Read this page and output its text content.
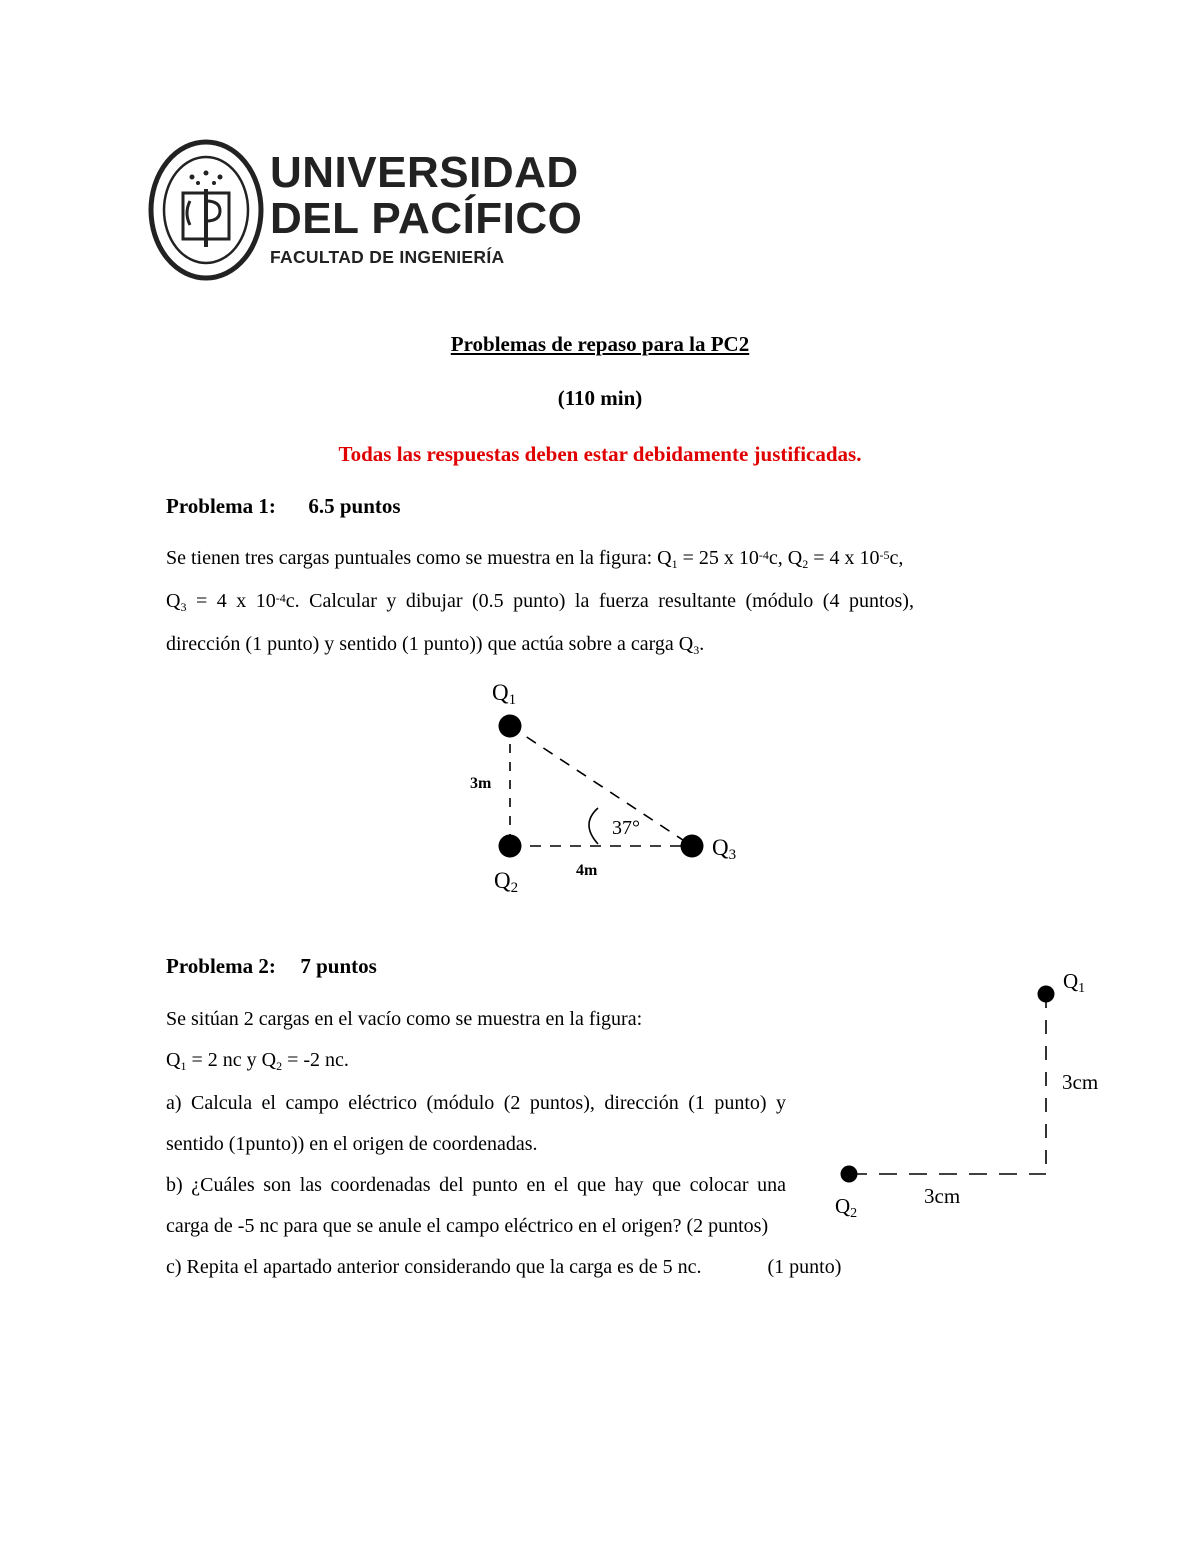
UNIVERSIDAD
DEL PACÍFICO
FACULTAD DE INGENIERÍA
Problemas de repaso para la PC2
(110 min)
Todas las respuestas deben estar debidamente justificadas.
Problema 1: 6.5 puntos
Se tienen tres cargas puntuales como se muestra en la figura: $Q_1 = 25$ x $10^{-4}c$, $Q_2 = 4$ x $10^{-5}c$,
$Q_3 = 4$ x $10^{-4}c$. Calcular y dibujar (0.5 punto) la fuerza resultante (módulo (4 puntos),
dirección (1 punto) y sentido (1 punto)) que actúa sobre a carga $Q_3$.
Q1
Q2
Q3
3m
4m
37°
Problema 2: 7 puntos
Se sitúan 2 cargas en el vacío como se muestra en la figura:
$Q_1 = 2$ nc y $Q_2 = -2$ nc.
a) Calcula el campo eléctrico (módulo (2 puntos), dirección (1 punto) y sentido (1punto)) en el origen de coordenadas.
b) ¿Cuáles son las coordenadas del punto en el que hay que colocar una carga de -5 nc para que se anule el campo eléctrico en el origen? (2 puntos)
c) Repita el apartado anterior considerando que la carga es de 5 nc.	(1 punto)
Q1
Q2
3cm
3cm
